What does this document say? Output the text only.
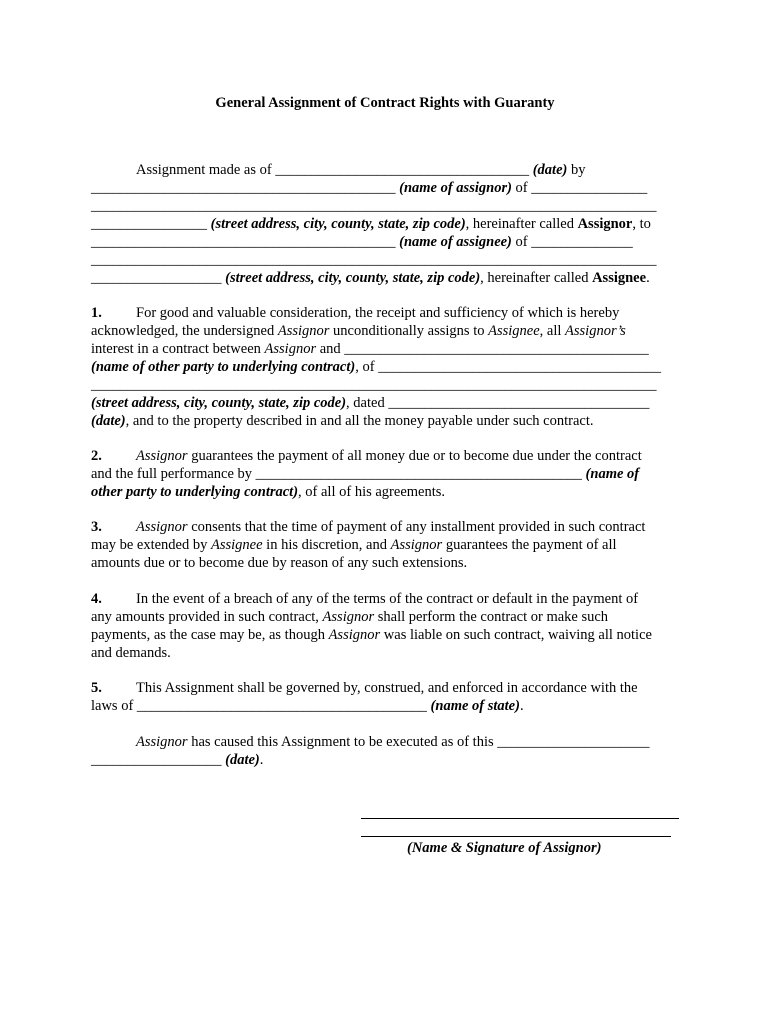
General Assignment of Contract Rights with Guaranty
Assignment made as of ___________________________________ (date) by
__________________________________________ (name of assignor) of ________________
______________________________________________________________________________
________________ (street address, city, county, state, zip code), hereinafter called Assignor, to
__________________________________________ (name of assignee) of ______________
______________________________________________________________________________
__________________ (street address, city, county, state, zip code), hereinafter called Assignee.
1. For good and valuable consideration, the receipt and sufficiency of which is hereby
acknowledged, the undersigned Assignor unconditionally assigns to Assignee, all Assignor’s
interest in a contract between Assignor and __________________________________________
(name of other party to underlying contract), of _______________________________________
______________________________________________________________________________
(street address, city, county, state, zip code), dated ____________________________________
(date), and to the property described in and all the money payable under such contract.
2. Assignor guarantees the payment of all money due or to become due under the contract
and the full performance by _____________________________________________ (name of
other party to underlying contract), of all of his agreements.
3. Assignor consents that the time of payment of any installment provided in such contract
may be extended by Assignee in his discretion, and Assignor guarantees the payment of all
amounts due or to become due by reason of any such extensions.
4. In the event of a breach of any of the terms of the contract or default in the payment of
any amounts provided in such contract, Assignor shall perform the contract or make such
payments, as the case may be, as though Assignor was liable on such contract, waiving all notice
and demands.
5. This Assignment shall be governed by, construed, and enforced in accordance with the
laws of ________________________________________ (name of state).
Assignor has caused this Assignment to be executed as of this _____________________
__________________ (date).
(Name & Signature of Assignor)
